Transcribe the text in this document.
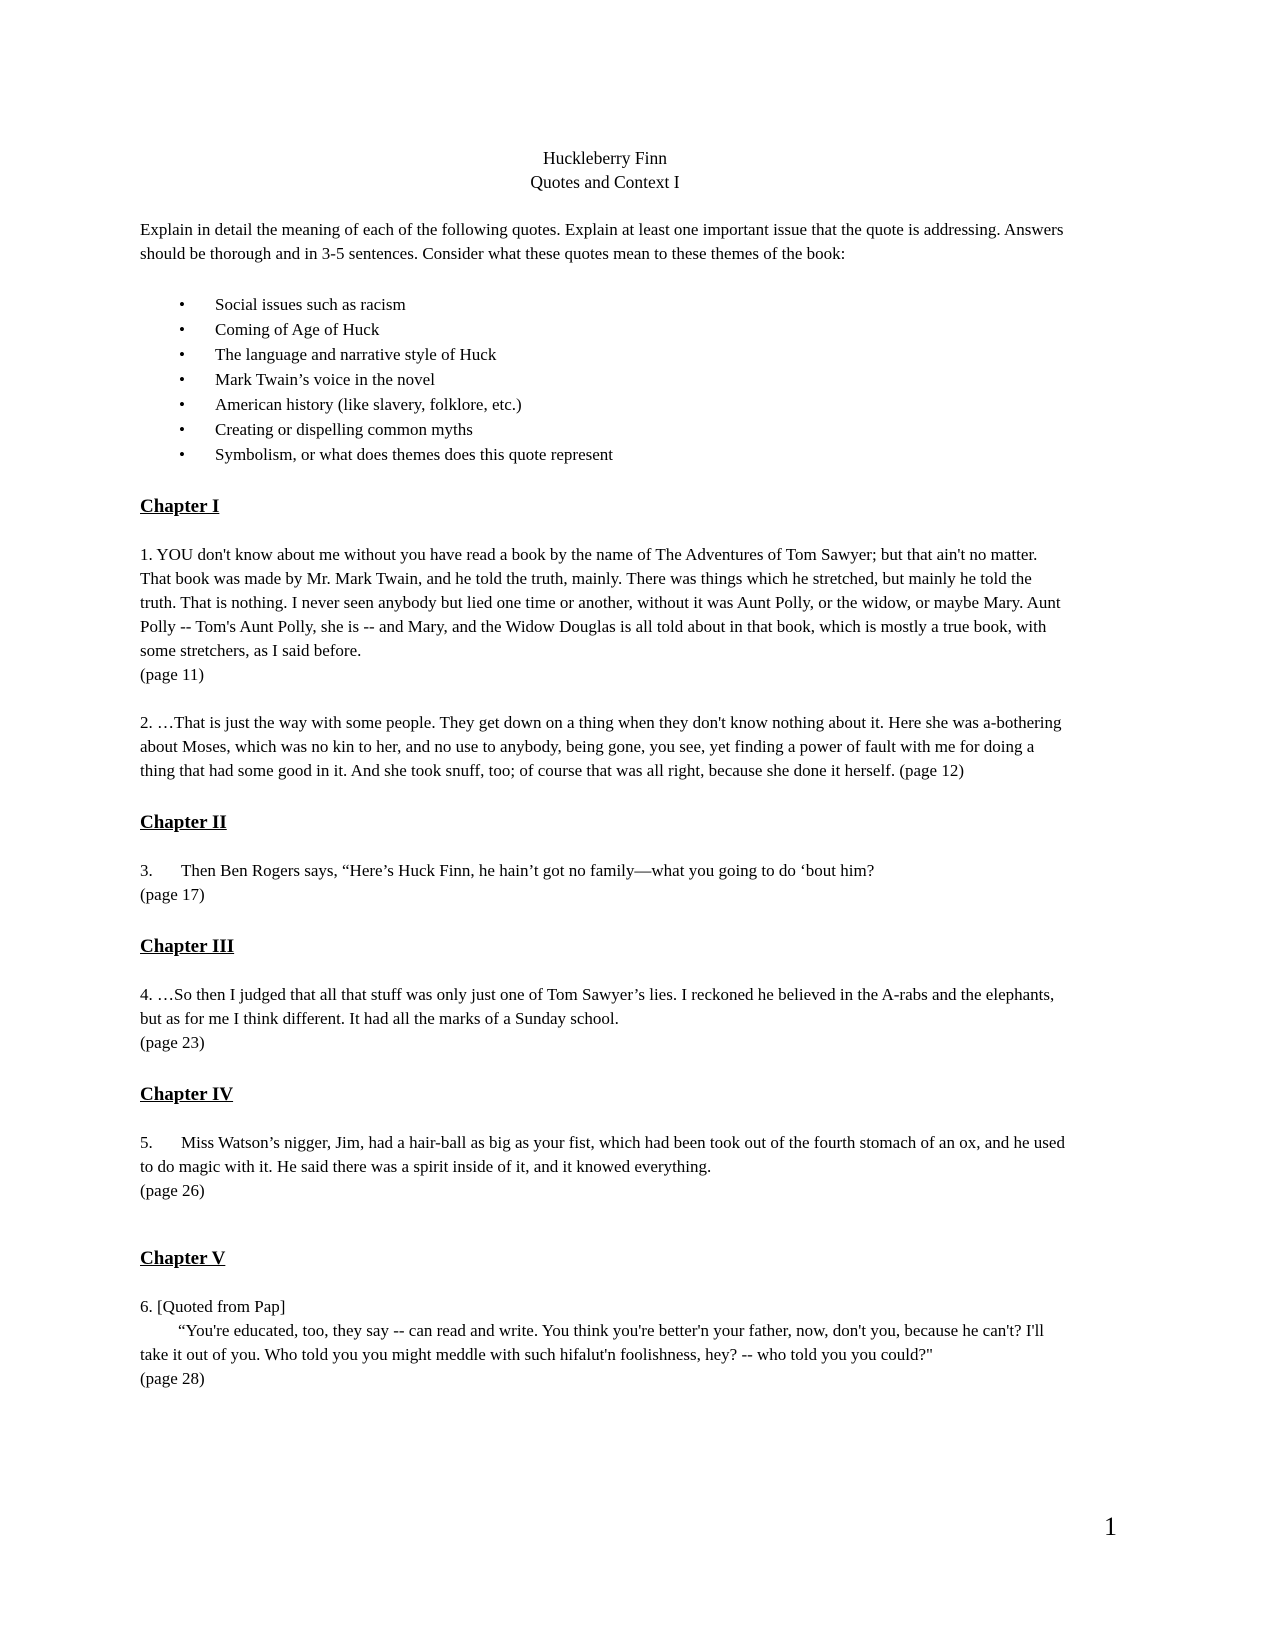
Huckleberry Finn
Quotes and Context I
Explain in detail the meaning of each of the following quotes. Explain at least one important issue that the quote is addressing. Answers should be thorough and in 3-5 sentences. Consider what these quotes mean to these themes of the book:
• Social issues such as racism
• Coming of Age of Huck
• The language and narrative style of Huck
• Mark Twain’s voice in the novel
• American history (like slavery, folklore, etc.)
• Creating or dispelling common myths
• Symbolism, or what does themes does this quote represent
Chapter I
1. YOU don't know about me without you have read a book by the name of The Adventures of Tom Sawyer; but that ain't no matter. That book was made by Mr. Mark Twain, and he told the truth, mainly. There was things which he stretched, but mainly he told the truth. That is nothing. I never seen anybody but lied one time or another, without it was Aunt Polly, or the widow, or maybe Mary. Aunt Polly -- Tom's Aunt Polly, she is -- and Mary, and the Widow Douglas is all told about in that book, which is mostly a true book, with some stretchers, as I said before.
(page 11)
2. …That is just the way with some people. They get down on a thing when they don't know nothing about it. Here she was a-bothering about Moses, which was no kin to her, and no use to anybody, being gone, you see, yet finding a power of fault with me for doing a thing that had some good in it. And she took snuff, too; of course that was all right, because she done it herself. (page 12)
Chapter II
3. Then Ben Rogers says, “Here’s Huck Finn, he hain’t got no family—what you going to do ‘bout him?
(page 17)
Chapter III
4. …So then I judged that all that stuff was only just one of Tom Sawyer’s lies. I reckoned he believed in the A-rabs and the elephants, but as for me I think different. It had all the marks of a Sunday school.
(page 23)
Chapter IV
5. Miss Watson’s nigger, Jim, had a hair-ball as big as your fist, which had been took out of the fourth stomach of an ox, and he used to do magic with it. He said there was a spirit inside of it, and it knowed everything.
(page 26)
Chapter V
6. [Quoted from Pap]
“You're educated, too, they say -- can read and write. You think you're better'n your father, now, don't you, because he can't? I'll take it out of you. Who told you you might meddle with such hifalut'n foolishness, hey? -- who told you you could?"
(page 28)
1
